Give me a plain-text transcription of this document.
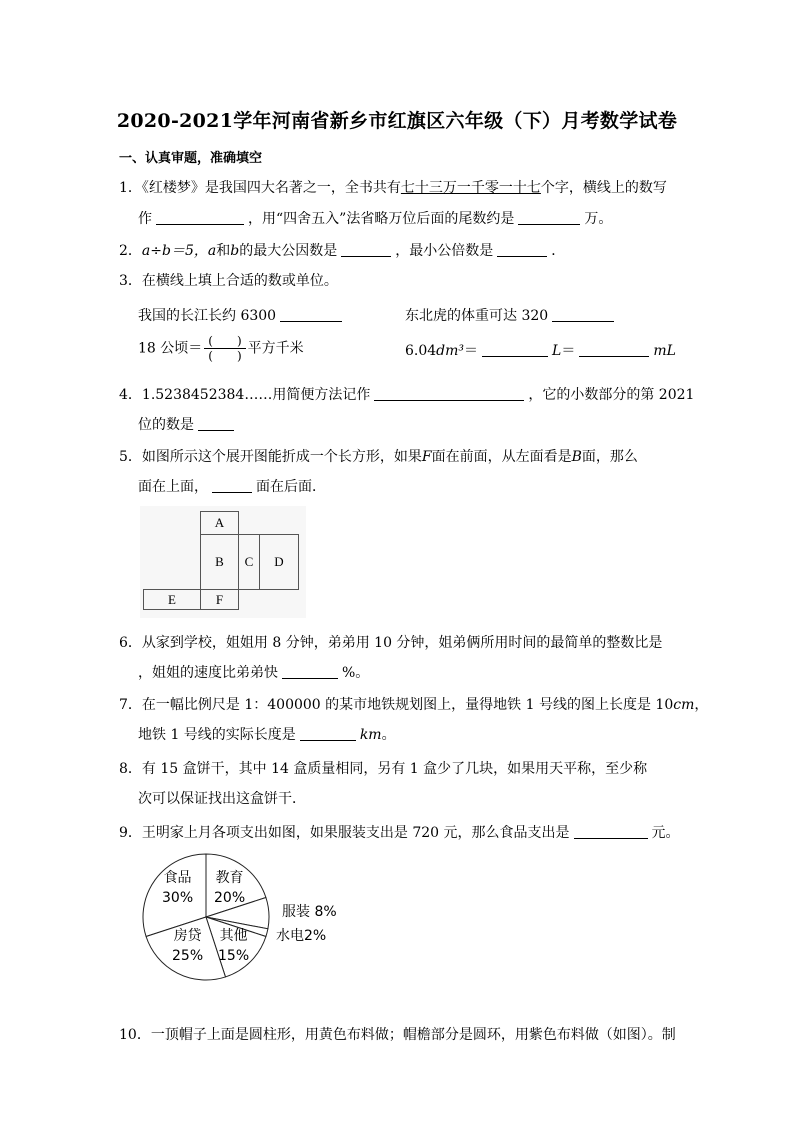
2020-2021学年河南省新乡市红旗区六年级（下）月考数学试卷
一、认真审题，准确填空
1．《红楼梦》是我国四大名著之一，全书共有七十三万一千零一十七个字，横线上的数写
作	，用“四舍五入”法省略万位后面的尾数约是	万。
2．a÷b＝5，a和b的最大公因数是	，最小公倍数是	．
3．在横线上填上合适的数或单位。
我国的长江长约 6300	东北虎的体重可达 320
18 公顷＝ $\frac{( )}{( )}$ 平方千米	6.04dm³＝	L＝	mL
4．1.5238452384……用简便方法记作	，它的小数部分的第 2021
位的数是
5．如图所示这个展开图能折成一个长方形，如果F面在前面，从左面看是B面，那么
面在上面，	面在后面．
A
B	C	D
E	F
6．从家到学校，姐姐用 8 分钟，弟弟用 10 分钟，姐弟俩所用时间的最简单的整数比是
，姐姐的速度比弟弟快	%。
7．在一幅比例尺是 1：400000 的某市地铁规划图上，量得地铁 1 号线的图上长度是 10cm，
地铁 1 号线的实际长度是	km。
8．有 15 盒饼干，其中 14 盒质量相同，另有 1 盒少了几块，如果用天平称，至少称
次可以保证找出这盒饼干．
9．王明家上月各项支出如图，如果服装支出是 720 元，那么食品支出是	元。
食品
30%
教育
20%
服装 8%
水电2%
其他
15%
房贷
25%
10．一顶帽子上面是圆柱形，用黄色布料做；帽檐部分是圆环，用紫色布料做（如图）。制
